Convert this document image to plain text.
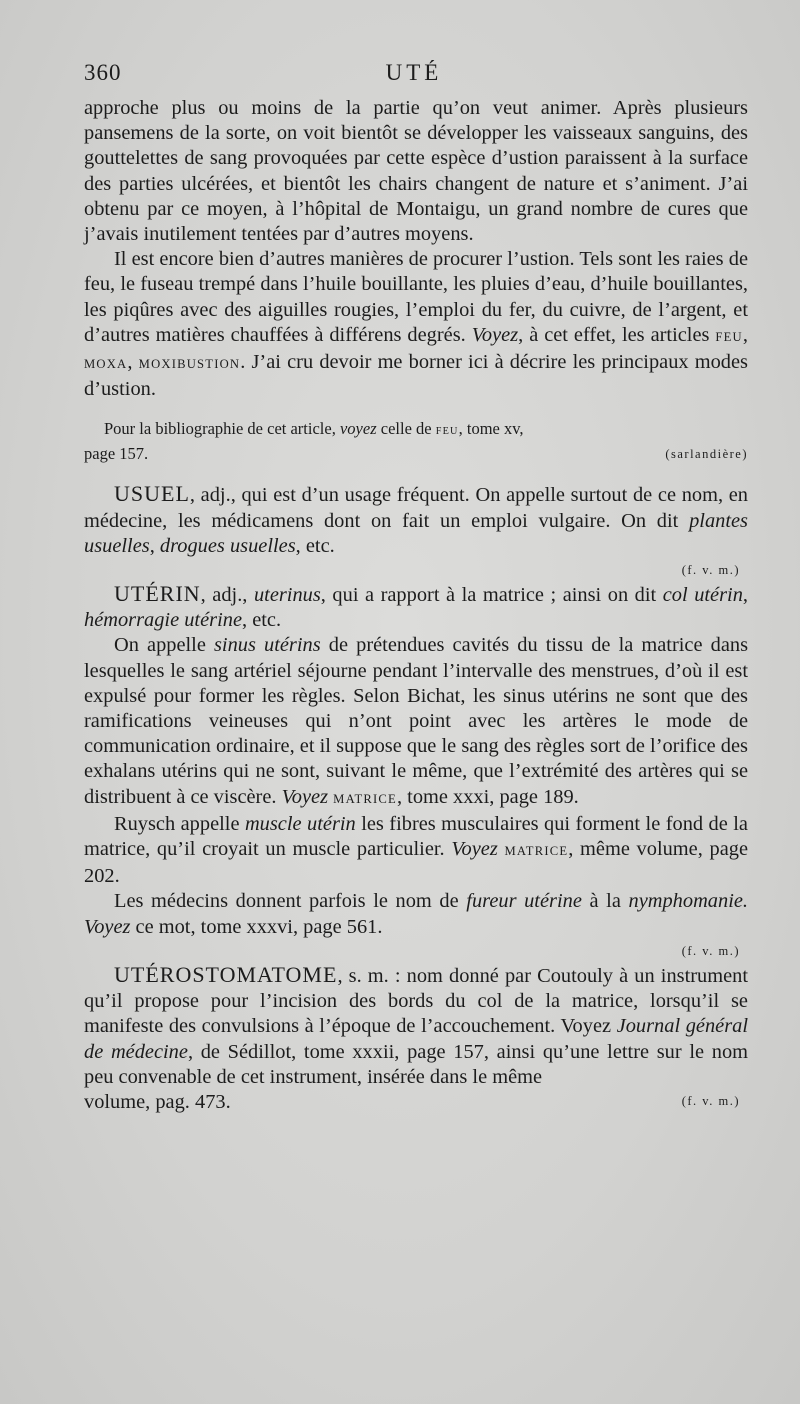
360	UTÉ

approche plus ou moins de la partie qu’on veut animer. Après plusieurs pansemens de la sorte, on voit bientôt se développer les vaisseaux sanguins, des gouttelettes de sang provoquées par cette espèce d’ustion paraissent à la surface des parties ulcérées, et bientôt les chairs changent de nature et s’animent. J’ai obtenu par ce moyen, à l’hôpital de Montaigu, un grand nombre de cures que j’avais inutilement tentées par d’autres moyens.

Il est encore bien d’autres manières de procurer l’ustion. Tels sont les raies de feu, le fuseau trempé dans l’huile bouillante, les pluies d’eau, d’huile bouillantes, les piqûres avec des aiguilles rougies, l’emploi du fer, du cuivre, de l’argent, et d’autres matières chauffées à différens degrés. Voyez, à cet effet, les articles FEU, MOXA, MOXIBUSTION. J’ai cru devoir me borner ici à décrire les principaux modes d’ustion.

Pour la bibliographie de cet article, voyez celle de FEU, tome xv,

page 157.	(sarlandière)

USUEL, adj., qui est d’un usage fréquent. On appelle surtout de ce nom, en médecine, les médicamens dont on fait un emploi vulgaire. On dit plantes usuelles, drogues usuelles, etc.

(f. v. m.)

UTÉRIN, adj., uterinus, qui a rapport à la matrice ; ainsi on dit col utérin, hémorragie utérine, etc.

On appelle sinus utérins de prétendues cavités du tissu de la matrice dans lesquelles le sang artériel séjourne pendant l’intervalle des menstrues, d’où il est expulsé pour former les règles. Selon Bichat, les sinus utérins ne sont que des ramifications veineuses qui n’ont point avec les artères le mode de communication ordinaire, et il suppose que le sang des règles sort de l’orifice des exhalans utérins qui ne sont, suivant le même, que l’extrémité des artères qui se distribuent à ce viscère. Voyez MATRICE, tome xxxi, page 189.

Ruysch appelle muscle utérin les fibres musculaires qui forment le fond de la matrice, qu’il croyait un muscle particulier. Voyez MATRICE, même volume, page 202.

Les médecins donnent parfois le nom de fureur utérine à la nymphomanie. Voyez ce mot, tome xxxvi, page 561.

(f. v. m.)

UTÉROSTOMATOME, s. m. : nom donné par Coutouly à un instrument qu’il propose pour l’incision des bords du col de la matrice, lorsqu’il se manifeste des convulsions à l’époque de l’accouchement. Voyez Journal général de médecine, de Sédillot, tome xxxii, page 157, ainsi qu’une lettre sur le nom peu convenable de cet instrument, insérée dans le même

volume, pag. 473.	(f. v. m.)
